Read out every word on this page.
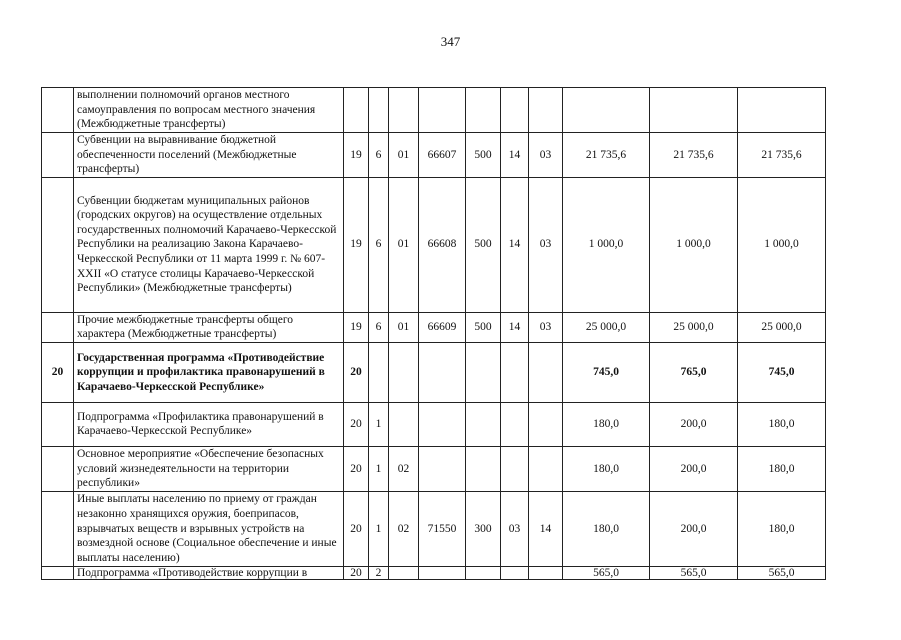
347
	выполнении полномочий органов местного самоуправления по вопросам местного значения (Межбюджетные трансферты)										
	Субвенции на выравнивание бюджетной обеспеченности поселений (Межбюджетные трансферты)	19	6	01	66607	500	14	03	21 735,6	21 735,6	21 735,6
	Субвенции бюджетам муниципальных районов (городских округов) на осуществление отдельных государственных полномочий Карачаево-Черкесской Республики на реализацию Закона Карачаево-Черкесской Республики от 11 марта 1999 г. № 607-XXII «О статусе столицы Карачаево-Черкесской Республики» (Межбюджетные трансферты)	19	6	01	66608	500	14	03	1 000,0	1 000,0	1 000,0
	Прочие межбюджетные трансферты общего характера (Межбюджетные трансферты)	19	6	01	66609	500	14	03	25 000,0	25 000,0	25 000,0
20	Государственная программа «Противодействие коррупции и профилактика правонарушений в Карачаево-Черкесской Республике»	20							745,0	765,0	745,0
	Подпрограмма «Профилактика правонарушений в Карачаево-Черкесской Республике»	20	1						180,0	200,0	180,0
	Основное мероприятие «Обеспечение безопасных условий жизнедеятельности на территории республики»	20	1	02					180,0	200,0	180,0
	Иные выплаты населению по приему от граждан незаконно хранящихся оружия, боеприпасов, взрывчатых веществ и взрывных устройств на возмездной основе (Социальное обеспечение и иные выплаты населению)	20	1	02	71550	300	03	14	180,0	200,0	180,0
	Подпрограмма «Противодействие коррупции в	20	2						565,0	565,0	565,0
